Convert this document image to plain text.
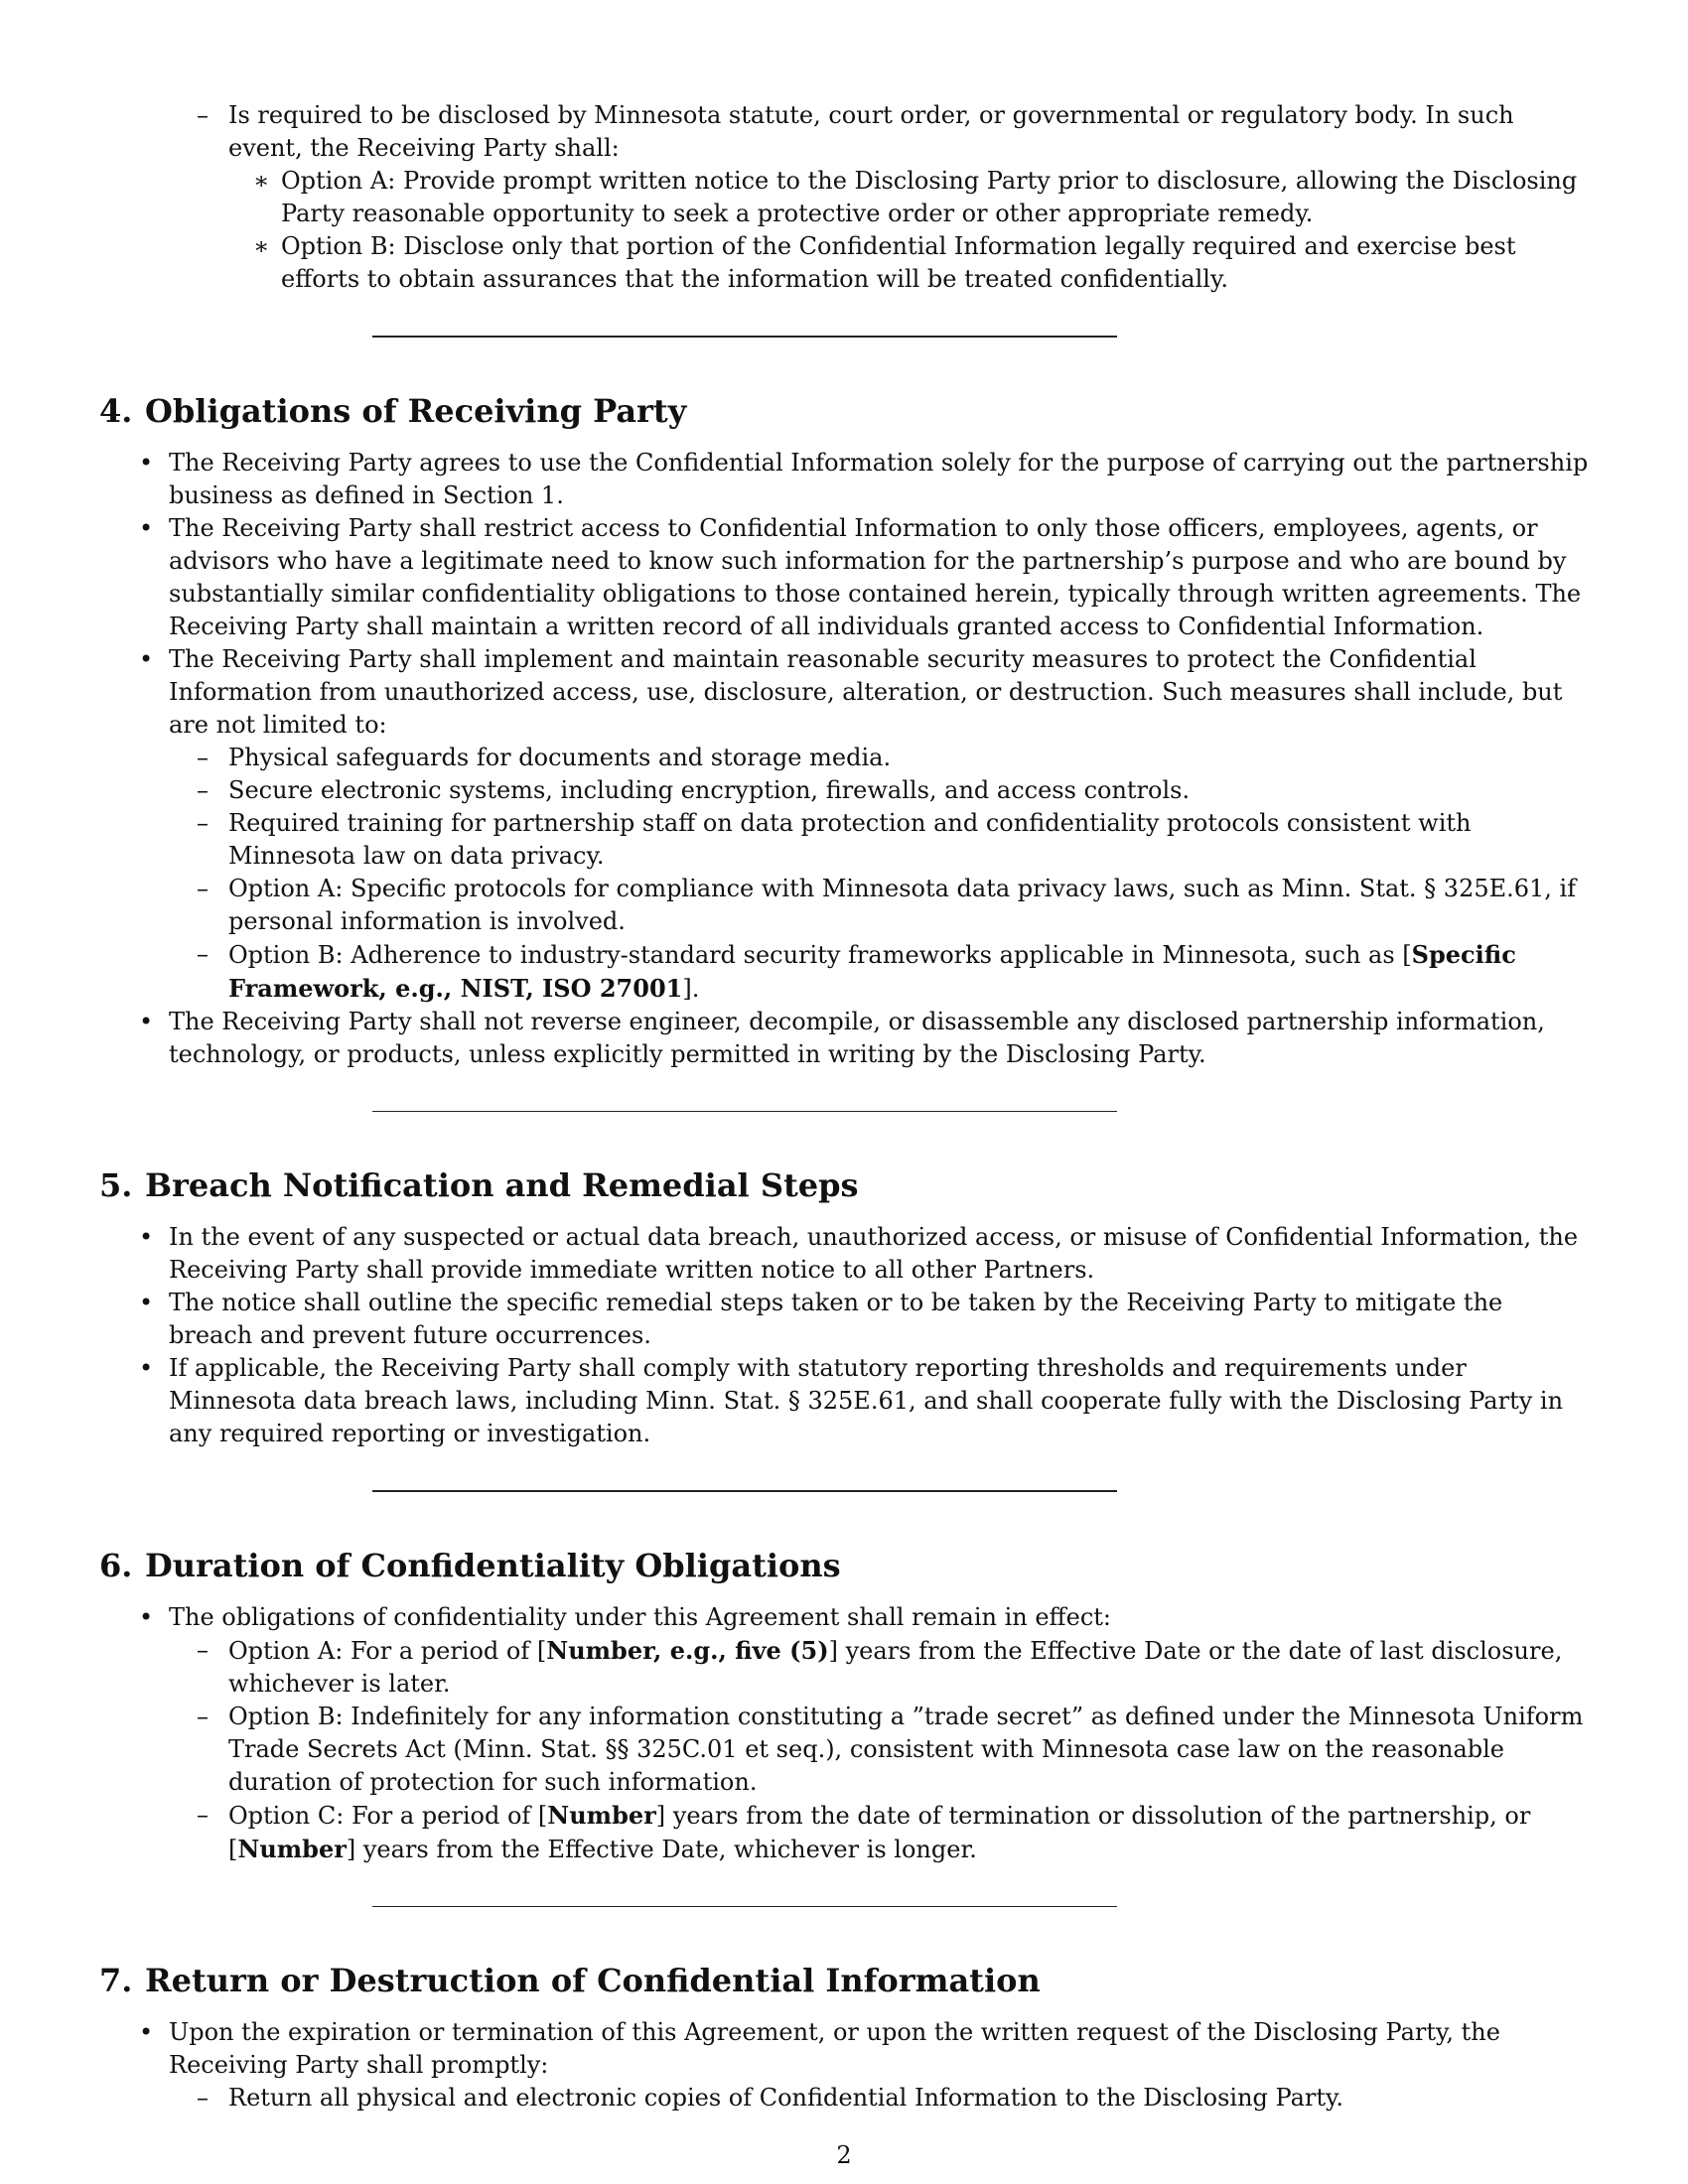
– Is required to be disclosed by Minnesota statute, court order, or governmental or regulatory body. In such event, the Receiving Party shall:
∗ Option A: Provide prompt written notice to the Disclosing Party prior to disclosure, allowing the Disclosing Party reasonable opportunity to seek a protective order or other appropriate remedy.
∗ Option B: Disclose only that portion of the Confidential Information legally required and exercise best efforts to obtain assurances that the information will be treated confidentially.
4. Obligations of Receiving Party
• The Receiving Party agrees to use the Confidential Information solely for the purpose of carrying out the partnership business as defined in Section 1.
• The Receiving Party shall restrict access to Confidential Information to only those officers, employees, agents, or advisors who have a legitimate need to know such information for the partnership’s purpose and who are bound by substantially similar confidentiality obligations to those contained herein, typically through written agreements. The Receiving Party shall maintain a written record of all individuals granted access to Confidential Information.
• The Receiving Party shall implement and maintain reasonable security measures to protect the Confidential Information from unauthorized access, use, disclosure, alteration, or destruction. Such measures shall include, but are not limited to:
– Physical safeguards for documents and storage media.
– Secure electronic systems, including encryption, firewalls, and access controls.
– Required training for partnership staff on data protection and confidentiality protocols consistent with Minnesota law on data privacy.
– Option A: Specific protocols for compliance with Minnesota data privacy laws, such as Minn. Stat. § 325E.61, if personal information is involved.
– Option B: Adherence to industry-standard security frameworks applicable in Minnesota, such as [Specific Framework, e.g., NIST, ISO 27001].
• The Receiving Party shall not reverse engineer, decompile, or disassemble any disclosed partnership information, technology, or products, unless explicitly permitted in writing by the Disclosing Party.
5. Breach Notification and Remedial Steps
• In the event of any suspected or actual data breach, unauthorized access, or misuse of Confidential Information, the Receiving Party shall provide immediate written notice to all other Partners.
• The notice shall outline the specific remedial steps taken or to be taken by the Receiving Party to mitigate the breach and prevent future occurrences.
• If applicable, the Receiving Party shall comply with statutory reporting thresholds and requirements under Minnesota data breach laws, including Minn. Stat. § 325E.61, and shall cooperate fully with the Disclosing Party in any required reporting or investigation.
6. Duration of Confidentiality Obligations
• The obligations of confidentiality under this Agreement shall remain in effect:
– Option A: For a period of [Number, e.g., five (5)] years from the Effective Date or the date of last disclosure, whichever is later.
– Option B: Indefinitely for any information constituting a ”trade secret” as defined under the Minnesota Uniform Trade Secrets Act (Minn. Stat. §§ 325C.01 et seq.), consistent with Minnesota case law on the reasonable duration of protection for such information.
– Option C: For a period of [Number] years from the date of termination or dissolution of the partnership, or [Number] years from the Effective Date, whichever is longer.
7. Return or Destruction of Confidential Information
• Upon the expiration or termination of this Agreement, or upon the written request of the Disclosing Party, the Receiving Party shall promptly:
– Return all physical and electronic copies of Confidential Information to the Disclosing Party.
2
